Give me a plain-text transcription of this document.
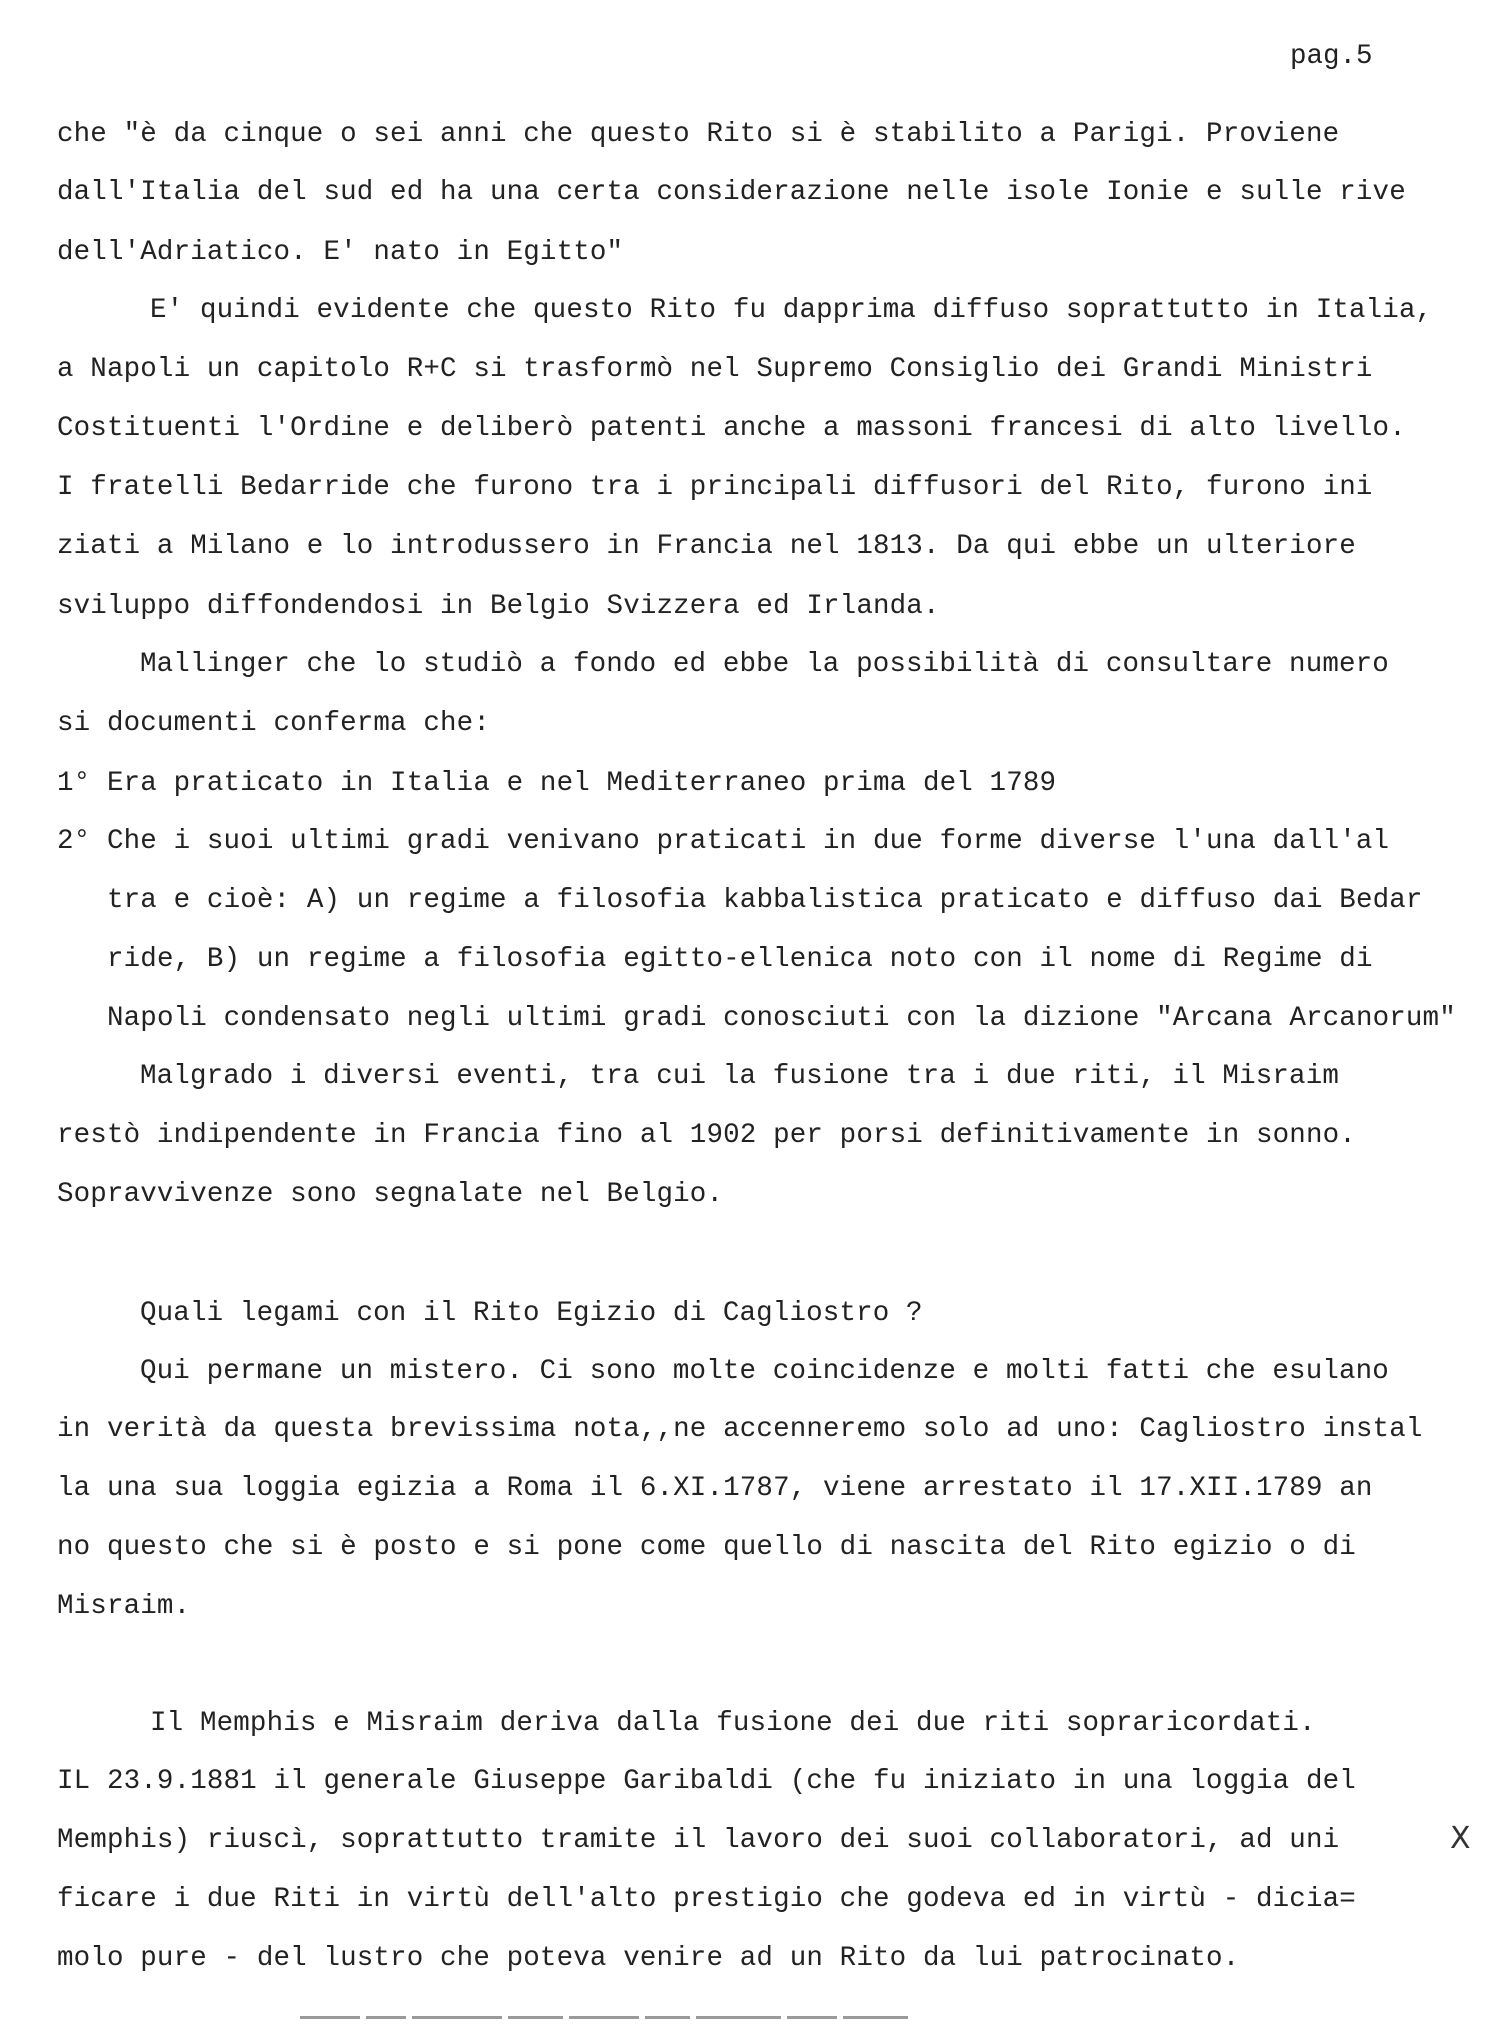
pag.5
che "è da cinque o sei anni che questo Rito si è stabilito a Parigi. Proviene
dall'Italia del sud ed ha una certa considerazione nelle isole Ionie e sulle rive
dell'Adriatico. E' nato in Egitto"
E' quindi evidente che questo Rito fu dapprima diffuso soprattutto in Italia,
a Napoli un capitolo R+C si trasformò nel Supremo Consiglio dei Grandi Ministri
Costituenti l'Ordine e deliberò patenti anche a massoni francesi di alto livello.
I fratelli Bedarride che furono tra i principali diffusori del Rito, furono ini
ziati a Milano e lo introdussero in Francia nel 1813. Da qui ebbe un ulteriore
sviluppo diffondendosi in Belgio Svizzera ed Irlanda.
Mallinger che lo studiò a fondo ed ebbe la possibilità di consultare numero
si documenti conferma che:
1° Era praticato in Italia e nel Mediterraneo prima del 1789
2° Che i suoi ultimi gradi venivano praticati in due forme diverse l'una dall'al
tra e cioè: A) un regime a filosofia kabbalistica praticato e diffuso dai Bedar
ride, B) un regime a filosofia egitto-ellenica noto con il nome di Regime di
Napoli condensato negli ultimi gradi conosciuti con la dizione "Arcana Arcanorum"
Malgrado i diversi eventi, tra cui la fusione tra i due riti, il Misraim
restò indipendente in Francia fino al 1902 per porsi definitivamente in sonno.
Sopravvivenze sono segnalate nel Belgio.
Quali legami con il Rito Egizio di Cagliostro ?
Qui permane un mistero. Ci sono molte coincidenze e molti fatti che esulano
in verità da questa brevissima nota,,ne accenneremo solo ad uno: Cagliostro instal
la una sua loggia egizia a Roma il 6.XI.1787, viene arrestato il 17.XII.1789 an
no questo che si è posto e si pone come quello di nascita del Rito egizio o di
Misraim.
Il Memphis e Misraim deriva dalla fusione dei due riti sopraricordati.
IL 23.9.1881 il generale Giuseppe Garibaldi (che fu iniziato in una loggia del
Memphis) riuscì, soprattutto tramite il lavoro dei suoi collaboratori, ad uni
ficare i due Riti in virtù dell'alto prestigio che godeva ed in virtù - dicia=
molo pure - del lustro che poteva venire ad un Rito da lui patrocinato.
X
